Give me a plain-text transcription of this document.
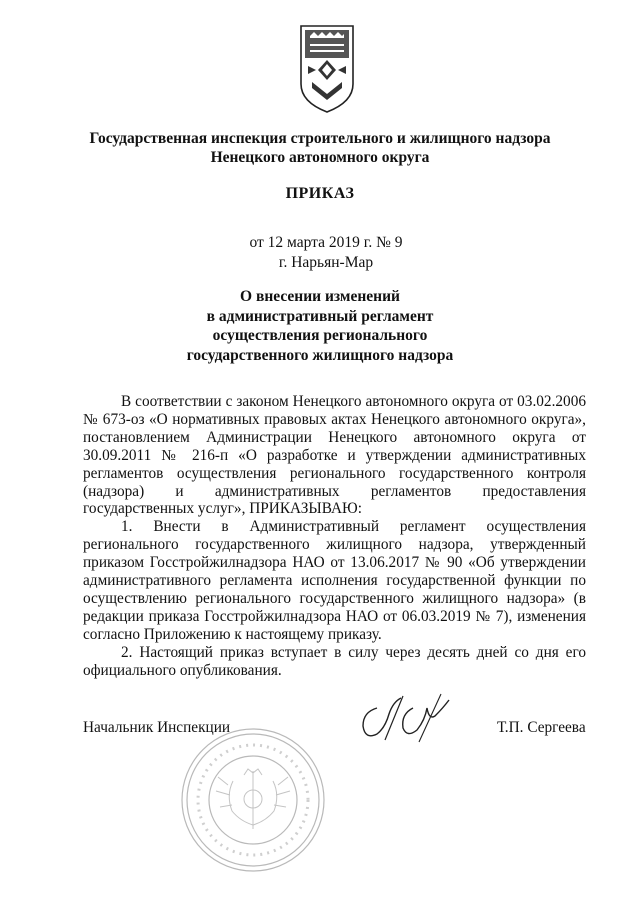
Государственная инспекция строительного и жилищного надзора
Ненецкого автономного округа
ПРИКАЗ
от 12 марта 2019 г. № 9
г. Нарьян-Мар
О внесении изменений
в административный регламент
осуществления регионального
государственного жилищного надзора

В соответствии с законом Ненецкого автономного округа от 03.02.2006 № 673-оз «О нормативных правовых актах Ненецкого автономного округа», постановлением Администрации Ненецкого автономного округа от 30.09.2011 № 216-п «О разработке и утверждении административных регламентов осуществления регионального государственного контроля (надзора) и административных регламентов предоставления государственных услуг», ПРИКАЗЫВАЮ:

1. Внести в Административный регламент осуществления регионального государственного жилищного надзора, утвержденный приказом Госстройжилнадзора НАО от 13.06.2017 № 90 «Об утверждении административного регламента исполнения государственной функции по осуществлению регионального государственного жилищного надзора» (в редакции приказа Госстройжилнадзора НАО от 06.03.2019 № 7), изменения согласно Приложению к настоящему приказу.

2. Настоящий приказ вступает в силу через десять дней со дня его официального опубликования.

Начальник Инспекции	Т.П. Сергеева
